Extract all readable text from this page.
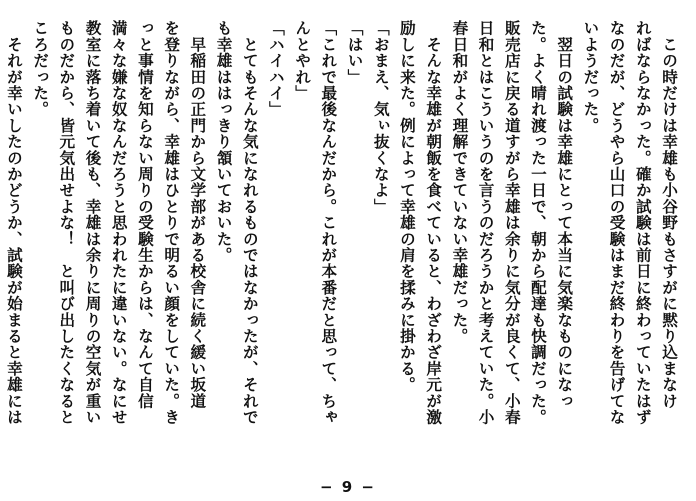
　この時だけは幸雄も小谷野もさすがに黙り込まなけ

ればならなかった。確か試験は前日に終わっていたはず

なのだが、どうやら山口の受験はまだ終わりを告げてな

いようだった。

　翌日の試験は幸雄にとって本当に気楽なものになっ

た。よく晴れ渡った一日で、朝から配達も快調だった。

販売店に戻る道すがら幸雄は余りに気分が良くて、小春

日和とはこういうのを言うのだろうかと考えていた。小

春日和がよく理解できていない幸雄だった。

　そんな幸雄が朝飯を食べていると、わざわざ岸元が激

励しに来た。例によって幸雄の肩を揉みに掛かる。

「おまえ、気ぃ抜くなよ」

「はい」

「これで最後なんだから。これが本番だと思って、ちゃ

んとやれ」

「ハイハイ」

　とてもそんな気になれるものではなかったが、それで

も幸雄ははっきり頷いておいた。

　早稲田の正門から文学部がある校舎に続く緩い坂道

を登りながら、幸雄はひとりで明るい顔をしていた。き

っと事情を知らない周りの受験生からは、なんて自信

満々な嫌な奴なんだろうと思われたに違いない。なにせ

教室に落ち着いて後も、幸雄は余りに周りの空気が重い

ものだから、皆元気出せよな！　と叫び出したくなると

ころだった。

　それが幸いしたのかどうか、試験が始まると幸雄には

− 9 −
